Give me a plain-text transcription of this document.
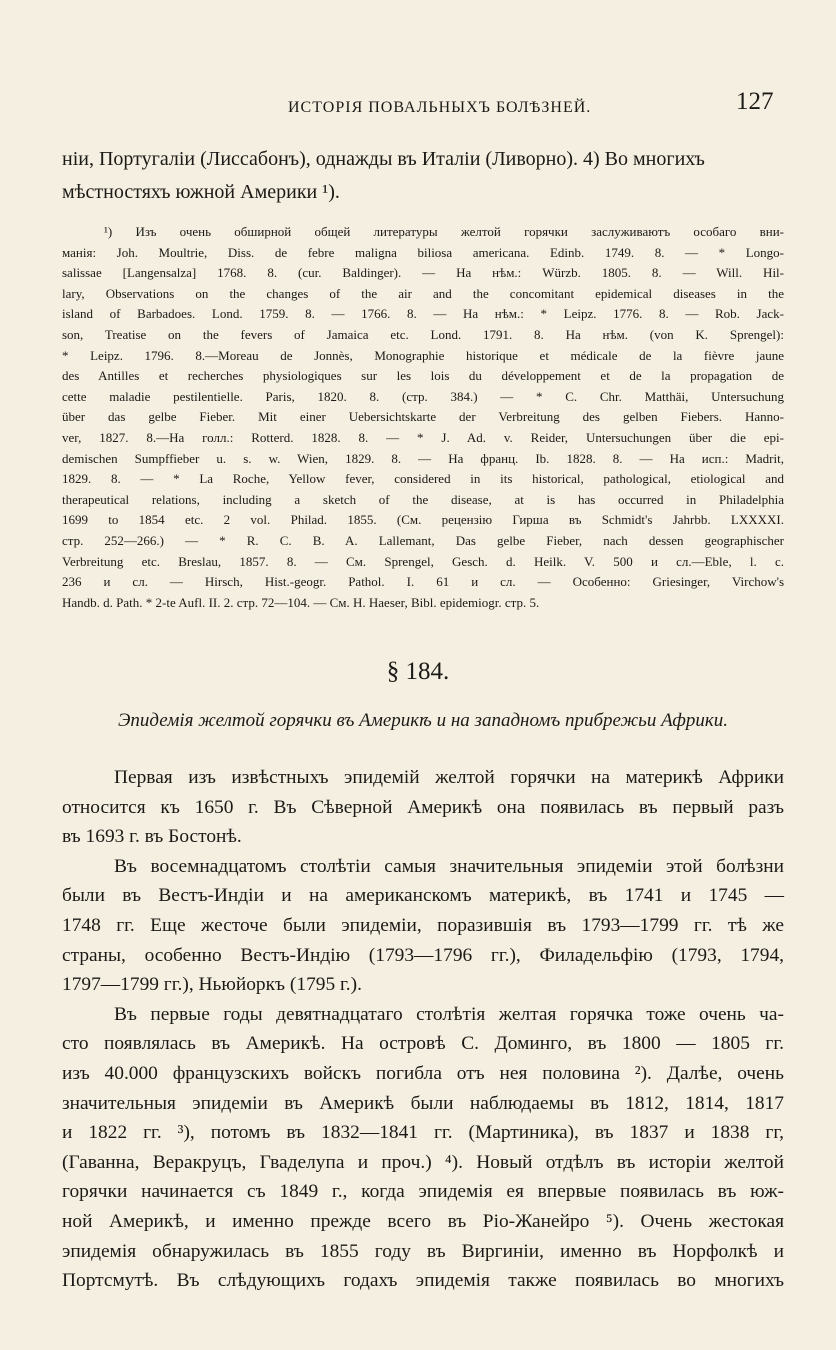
ИСТОРІЯ ПОВАЛЬНЫХЪ БОЛѢЗНЕЙ.	127
ніи, Португаліи (Лиссабонъ), однажды въ Италіи (Ливорно). 4) Во многихъ
мѣстностяхъ южной Америки ¹).
¹) Изъ очень обширной общей литературы желтой горячки заслуживаютъ особаго вни-
манія: Joh. Moultrie, Diss. de febre maligna biliosa americana. Edinb. 1749. 8. — * Longo-
salissae [Langensalza] 1768. 8. (cur. Baldinger). — На нѣм.: Würzb. 1805. 8. — Will. Hil-
lary, Observations on the changes of the air and the concomitant epidemical diseases in the
island of Barbadoes. Lond. 1759. 8. — 1766. 8. — На нѣм.: * Leipz. 1776. 8. — Rob. Jack-
son, Treatise on the fevers of Jamaica etc. Lond. 1791. 8. На нѣм. (von K. Sprengel):
* Leipz. 1796. 8.—Moreau de Jonnès, Monographie historique et médicale de la fièvre jaune
des Antilles et recherches physiologiques sur les lois du développement et de la propagation de
cette maladie pestilentielle. Paris, 1820. 8. (стр. 384.) — * C. Chr. Matthäi, Untersuchung
über das gelbe Fieber. Mit einer Uebersichtskarte der Verbreitung des gelben Fiebers. Hanno-
ver, 1827. 8.—На голл.: Rotterd. 1828. 8. — * J. Ad. v. Reider, Untersuchungen über die epi-
demischen Sumpffieber u. s. w. Wien, 1829. 8. — На франц. Ib. 1828. 8. — На исп.: Madrit,
1829. 8. — * La Roche, Yellow fever, considered in its historical, pathological, etiological and
therapeutical relations, including a sketch of the disease, at is has occurred in Philadelphia
1699 to 1854 etc. 2 vol. Philad. 1855. (См. рецензію Гирша въ Schmidt's Jahrbb. LXXXXI.
стр. 252—266.) — * R. C. B. A. Lallemant, Das gelbe Fieber, nach dessen geographischer
Verbreitung etc. Breslau, 1857. 8. — См. Sprengel, Gesch. d. Heilk. V. 500 и сл.—Eble, l. c.
236 и сл. — Hirsch, Hist.-geogr. Pathol. I. 61 и сл. — Особенно: Griesinger, Virchow's
Handb. d. Path. * 2-te Aufl. II. 2. стр. 72—104. — См. H. Haeser, Bibl. epidemiogr. стр. 5.
§ 184.
Эпидемія желтой горячки въ Америкѣ и на западномъ прибрежьи Африки.
Первая изъ извѣстныхъ эпидемій желтой горячки на материкѣ Африки
относится къ 1650 г. Въ Сѣверной Америкѣ она появилась въ первый разъ
въ 1693 г. въ Бостонѣ.
Въ восемнадцатомъ столѣтіи самыя значительныя эпидеміи этой болѣзни
были въ Вестъ-Индіи и на американскомъ материкѣ, въ 1741 и 1745 —
1748 гг. Еще жесточе были эпидеміи, поразившія въ 1793—1799 гг. тѣ же
страны, особенно Вестъ-Индію (1793—1796 гг.), Филадельфію (1793, 1794,
1797—1799 гг.), Ньюйоркъ (1795 г.).
Въ первые годы девятнадцатаго столѣтія желтая горячка тоже очень ча-
сто появлялась въ Америкѣ. На островѣ С. Доминго, въ 1800 — 1805 гг.
изъ 40.000 французскихъ войскъ погибла отъ нея половина ²). Далѣе, очень
значительныя эпидеміи въ Америкѣ были наблюдаемы въ 1812, 1814, 1817
и 1822 гг. ³), потомъ въ 1832—1841 гг. (Мартиника), въ 1837 и 1838 гг,
(Гаванна, Веракруцъ, Гваделупа и проч.) ⁴). Новый отдѣлъ въ исторіи желтой
горячки начинается съ 1849 г., когда эпидемія ея впервые появилась въ юж-
ной Америкѣ, и именно прежде всего въ Ріо-Жанейро ⁵). Очень жестокая
эпидемія обнаружилась въ 1855 году въ Виргиніи, именно въ Норфолкѣ и
Портсмутѣ. Въ слѣдующихъ годахъ эпидемія также появилась во многихъ
